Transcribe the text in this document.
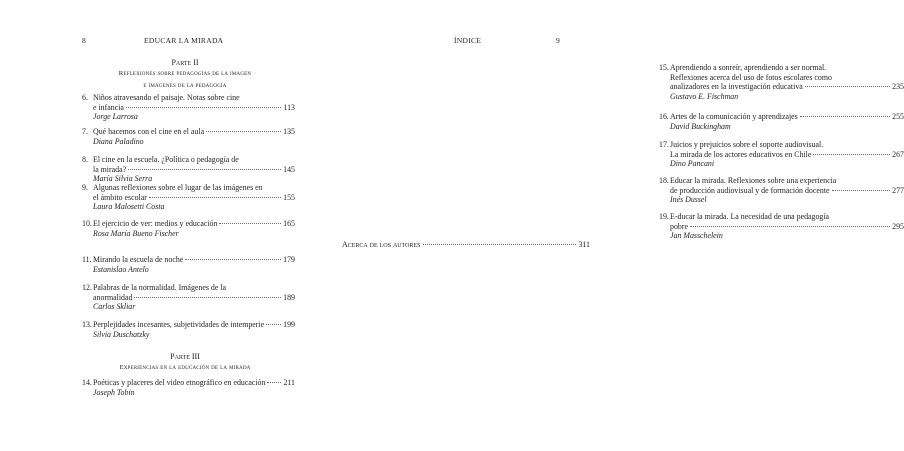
8	EDUCAR LA MIRADA
Parte II
Reflexiones sobre pedagogías de la imagen
e imágenes de la pedagogía
6. Niños atravesando el paisaje. Notas sobre cine
e infancia	113
Jorge Larrosa
7. Qué hacemos con el cine en el aula	135
Diana Paladino
8. El cine en la escuela. ¿Política o pedagogía de
la mirada?	145
María Silvia Serra
9. Algunas reflexiones sobre el lugar de las imágenes en
el ámbito escolar	155
Laura Malosetti Costa
10. El ejercicio de ver: medios y educación	165
Rosa María Bueno Fischer
11. Mirando la escuela de noche	179
Estanislao Antelo
12. Palabras de la normalidad. Imágenes de la
anormalidad	189
Carlos Skliar
13. Perplejidades incesantes, subjetividades de intemperie 199
Silvia Duschatzky
14. Poéticas y placeres del video etnográfico en educación 211
Joseph Tobin
Parte III
Experiencias en la educación de la mirada
ÍNDICE	9
15. Aprendiendo a sonreír, aprendiendo a ser normal.
Reflexiones acerca del uso de fotos escolares como
analizadores en la investigación educativa	235
Gustavo E. Fischman
16. Artes de la comunicación y aprendizajes	255
David Buckingham
17. Juicios y prejuicios sobre el soporte audiovisual.
La mirada de los actores educativos en Chile	267
Dino Pancani
18. Educar la mirada. Reflexiones sobre una experiencia
de producción audiovisual y de formación docente	277
Inés Dussel
19. E-ducar la mirada. La necesidad de una pedagogía
pobre	295
Jan Masschelein
Acerca de los autores	311
